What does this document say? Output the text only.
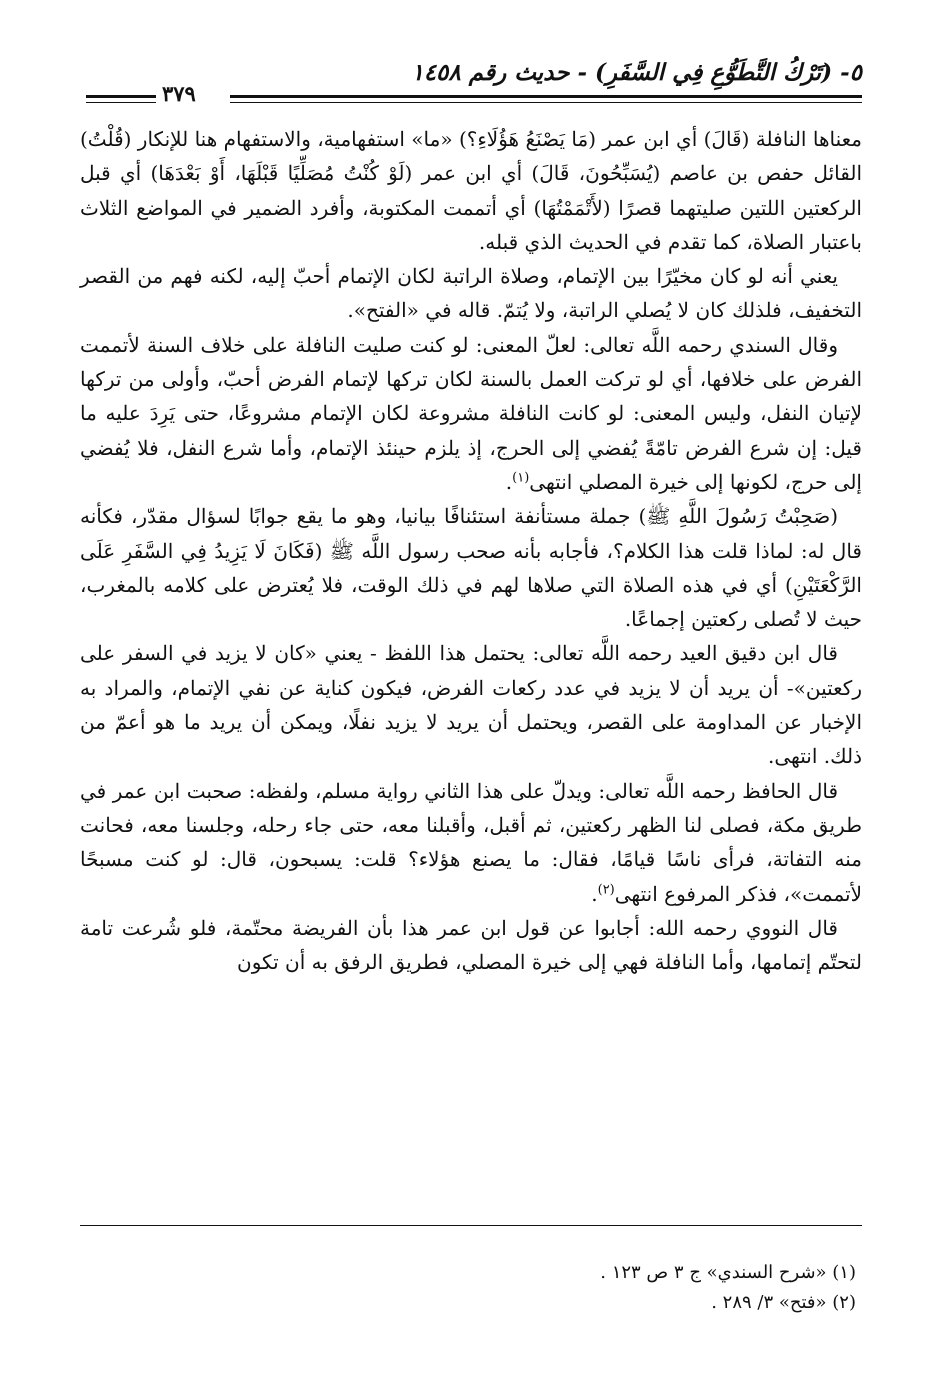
٥- (تَرْكُ التَّطَوُّعِ فِي السَّفَرِ) - حديث رقم ١٤٥٨
٣٧٩

معناها النافلة (قَالَ) أي ابن عمر (مَا يَصْنَعُ هَؤُلَاءِ؟) «ما» استفهامية، والاستفهام هنا للإنكار (قُلْتُ) القائل حفص بن عاصم (يُسَبِّحُونَ، قَالَ) أي ابن عمر (لَوْ كُنْتُ مُصَلِّيًا قَبْلَهَا، أَوْ بَعْدَهَا) أي قبل الركعتين اللتين صليتهما قصرًا (لأَتْمَمْتُهَا) أي أتممت المكتوبة، وأفرد الضمير في المواضع الثلاث باعتبار الصلاة، كما تقدم في الحديث الذي قبله.

يعني أنه لو كان مخيّرًا بين الإتمام، وصلاة الراتبة لكان الإتمام أحبّ إليه، لكنه فهم من القصر التخفيف، فلذلك كان لا يُصلي الراتبة، ولا يُتمّ. قاله في «الفتح».

وقال السندي رحمه اللَّه تعالى: لعلّ المعنى: لو كنت صليت النافلة على خلاف السنة لأتممت الفرض على خلافها، أي لو تركت العمل بالسنة لكان تركها لإتمام الفرض أحبّ، وأولى من تركها لإتيان النفل، وليس المعنى: لو كانت النافلة مشروعة لكان الإتمام مشروعًا، حتى يَرِدَ عليه ما قيل: إن شرع الفرض تامّةً يُفضي إلى الحرج، إذ يلزم حينئذ الإتمام، وأما شرع النفل، فلا يُفضي إلى حرج، لكونها إلى خيرة المصلي انتهى$^{(١)}$.

(صَحِبْتُ رَسُولَ اللَّهِ ﷺ) جملة مستأنفة استئنافًا بيانيا، وهو ما يقع جوابًا لسؤال مقدّر، فكأنه قال له: لماذا قلت هذا الكلام؟، فأجابه بأنه صحب رسول اللَّه ﷺ (فَكَانَ لَا يَزِيدُ فِي السَّفَرِ عَلَى الرَّكْعَتَيْنِ) أي في هذه الصلاة التي صلاها لهم في ذلك الوقت، فلا يُعترض على كلامه بالمغرب، حيث لا تُصلى ركعتين إجماعًا.

قال ابن دقيق العيد رحمه اللَّه تعالى: يحتمل هذا اللفظ - يعني «كان لا يزيد في السفر على ركعتين»- أن يريد أن لا يزيد في عدد ركعات الفرض، فيكون كناية عن نفي الإتمام، والمراد به الإخبار عن المداومة على القصر، ويحتمل أن يريد لا يزيد نفلًا، ويمكن أن يريد ما هو أعمّ من ذلك. انتهى.

قال الحافظ رحمه اللَّه تعالى: ويدلّ على هذا الثاني رواية مسلم، ولفظه: صحبت ابن عمر في طريق مكة، فصلى لنا الظهر ركعتين، ثم أقبل، وأقبلنا معه، حتى جاء رحله، وجلسنا معه، فحانت منه التفاتة، فرأى ناسًا قيامًا، فقال: ما يصنع هؤلاء؟ قلت: يسبحون، قال: لو كنت مسبحًا لأتممت»، فذكر المرفوع انتهى$^{(٢)}$.

قال النووي رحمه الله: أجابوا عن قول ابن عمر هذا بأن الفريضة محتّمة، فلو شُرعت تامة لتحتّم إتمامها، وأما النافلة فهي إلى خيرة المصلي، فطريق الرفق به أن تكون

(١) «شرح السندي» ج ٣ ص ١٢٣ .
(٢) «فتح» ٣/ ٢٨٩ .
